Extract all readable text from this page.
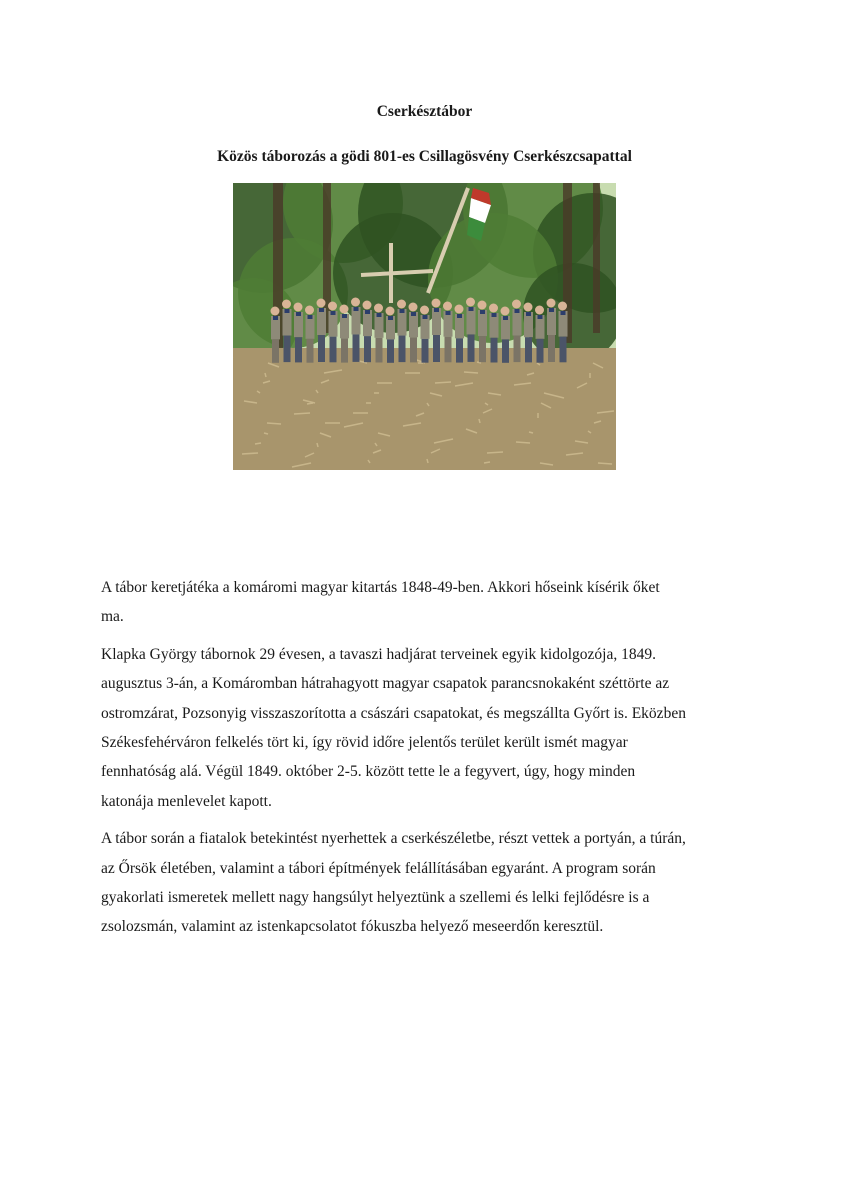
Cserkésztábor
Közös táborozás a gödi 801-es Csillagösvény Cserkészcsapattal

A tábor keretjátéka a komáromi magyar kitartás 1848-49-ben. Akkori hőseink kísérik őket
ma.

Klapka György tábornok 29 évesen, a tavaszi hadjárat terveinek egyik kidolgozója, 1849.
augusztus 3-án, a Komáromban hátrahagyott magyar csapatok parancsnokaként széttörte az
ostromzárat, Pozsonyig visszaszorította a császári csapatokat, és megszállta Győrt is. Eközben
Székesfehérváron felkelés tört ki, így rövid időre jelentős terület került ismét magyar
fennhatóság alá. Végül 1849. október 2-5. között tette le a fegyvert, úgy, hogy minden
katonája menlevelet kapott.

A tábor során a fiatalok betekintést nyerhettek a cserkészéletbe, részt vettek a portyán, a túrán,
az Őrsök életében, valamint a tábori építmények felállításában egyaránt. A program során
gyakorlati ismeretek mellett nagy hangsúlyt helyeztünk a szellemi és lelki fejlődésre is a
zsolozsmán, valamint az istenkapcsolatot fókuszba helyező meseerdőn keresztül.
